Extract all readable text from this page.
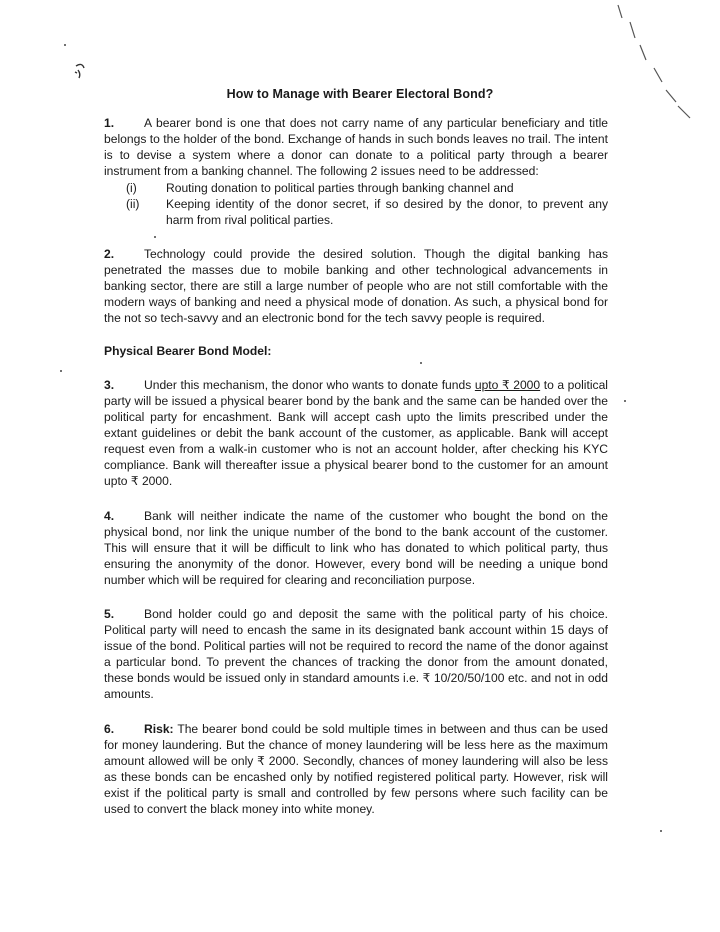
How to Manage with Bearer Electoral Bond?

1. A bearer bond is one that does not carry name of any particular beneficiary and title belongs to the holder of the bond. Exchange of hands in such bonds leaves no trail. The intent is to devise a system where a donor can donate to a political party through a bearer instrument from a banking channel. The following 2 issues need to be addressed:

(i)	Routing donation to political parties through banking channel and
(ii)	Keeping identity of the donor secret, if so desired by the donor, to prevent any harm from rival political parties.

2. Technology could provide the desired solution. Though the digital banking has penetrated the masses due to mobile banking and other technological advancements in banking sector, there are still a large number of people who are not still comfortable with the modern ways of banking and need a physical mode of donation. As such, a physical bond for the not so tech-savvy and an electronic bond for the tech savvy people is required.

Physical Bearer Bond Model:

3. Under this mechanism, the donor who wants to donate funds upto ₹ 2000 to a political party will be issued a physical bearer bond by the bank and the same can be handed over the political party for encashment. Bank will accept cash upto the limits prescribed under the extant guidelines or debit the bank account of the customer, as applicable. Bank will accept request even from a walk-in customer who is not an account holder, after checking his KYC compliance. Bank will thereafter issue a physical bearer bond to the customer for an amount upto ₹ 2000.

4. Bank will neither indicate the name of the customer who bought the bond on the physical bond, nor link the unique number of the bond to the bank account of the customer. This will ensure that it will be difficult to link who has donated to which political party, thus ensuring the anonymity of the donor. However, every bond will be needing a unique bond number which will be required for clearing and reconciliation purpose.

5. Bond holder could go and deposit the same with the political party of his choice. Political party will need to encash the same in its designated bank account within 15 days of issue of the bond. Political parties will not be required to record the name of the donor against a particular bond. To prevent the chances of tracking the donor from the amount donated, these bonds would be issued only in standard amounts i.e. ₹ 10/20/50/100 etc. and not in odd amounts.

6. Risk: The bearer bond could be sold multiple times in between and thus can be used for money laundering. But the chance of money laundering will be less here as the maximum amount allowed will be only ₹ 2000. Secondly, chances of money laundering will also be less as these bonds can be encashed only by notified registered political party. However, risk will exist if the political party is small and controlled by few persons where such facility can be used to convert the black money into white money.
